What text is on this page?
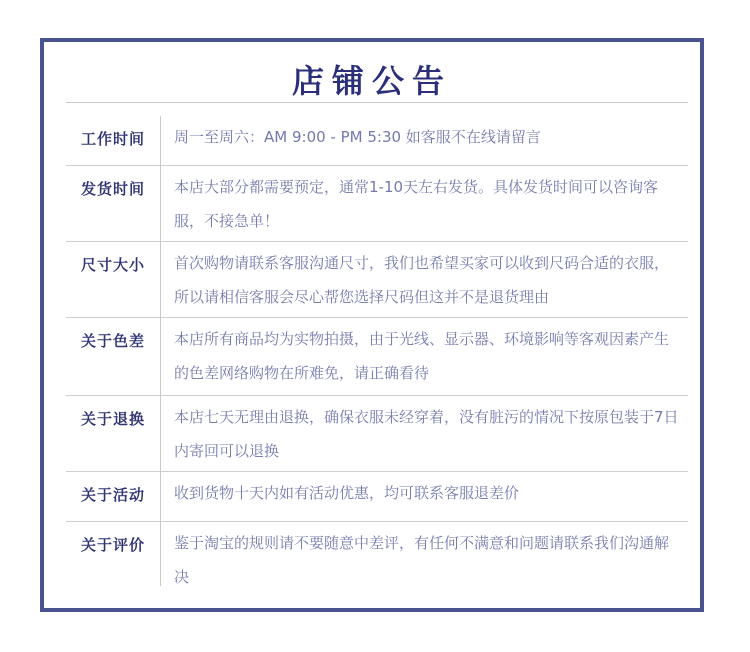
店铺公告
工作时间	周一至周六：AM 9:00 - PM 5:30 如客服不在线请留言
发货时间	本店大部分都需要预定，通常1-10天左右发货。具体发货时间可以咨询客服，不接急单！
尺寸大小	首次购物请联系客服沟通尺寸，我们也希望买家可以收到尺码合适的衣服，所以请相信客服会尽心帮您选择尺码但这并不是退货理由
关于色差	本店所有商品均为实物拍摄，由于光线、显示器、环境影响等客观因素产生的色差网络购物在所难免，请正确看待
关于退换	本店七天无理由退换，确保衣服未经穿着，没有脏污的情况下按原包装于7日内寄回可以退换
关于活动	收到货物十天内如有活动优惠，均可联系客服退差价
关于评价	鉴于淘宝的规则请不要随意中差评，有任何不满意和问题请联系我们沟通解决
